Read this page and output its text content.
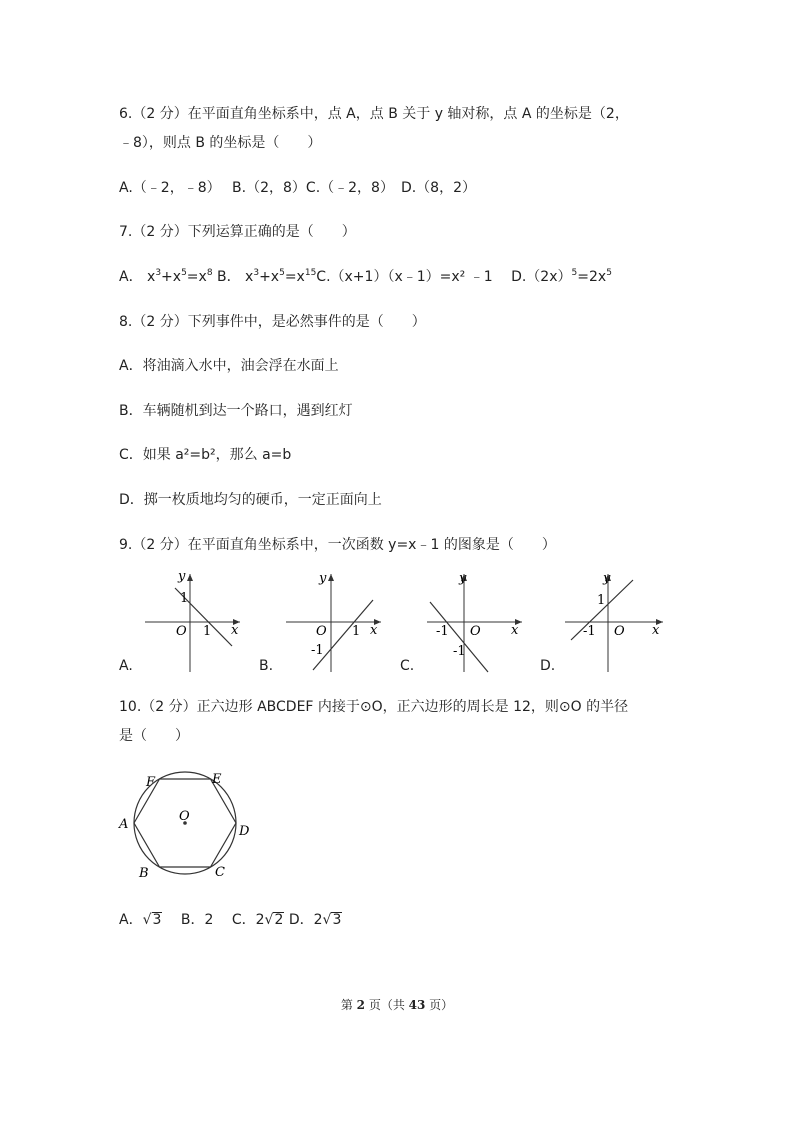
6.（2 分）在平面直角坐标系中，点 A，点 B 关于 y 轴对称，点 A 的坐标是（2，
﹣8），则点 B 的坐标是（　　）
A.（﹣2，﹣8）　 B.（2，8）C.（﹣2，8）　D.（8，2）
7.（2 分）下列运算正确的是（　　）
A． $x^3+x^5=x^8$ B． $x^3+x^5=x^{15}C.(x+1)(x﹣1)=x^2$ ﹣1　 $D.(2x)^5=2x^5$
8.（2 分）下列事件中，是必然事件的是（　　）
A．将油滴入水中，油会浮在水面上
B．车辆随机到达一个路口，遇到红灯
C．如果 a²=b²，那么 a=b
D．掷一枚质地均匀的硬币，一定正面向上
9.（2 分）在平面直角坐标系中，一次函数 y=x﹣1 的图象是（　　）
y
x
O 1
1
A.
y
x
O 1
-1
B.
y
x
O
-1
-1
C.
y
x
O
-1
1
D.
10.（2 分）正六边形 ABCDEF 内接于⊙O，正六边形的周长是 12，则⊙O 的半径
是（　　）
F	E
A	D
B	C
O
A．√3  B．2  C．2√2 D．2√3
第 2 页（共 43 页）
